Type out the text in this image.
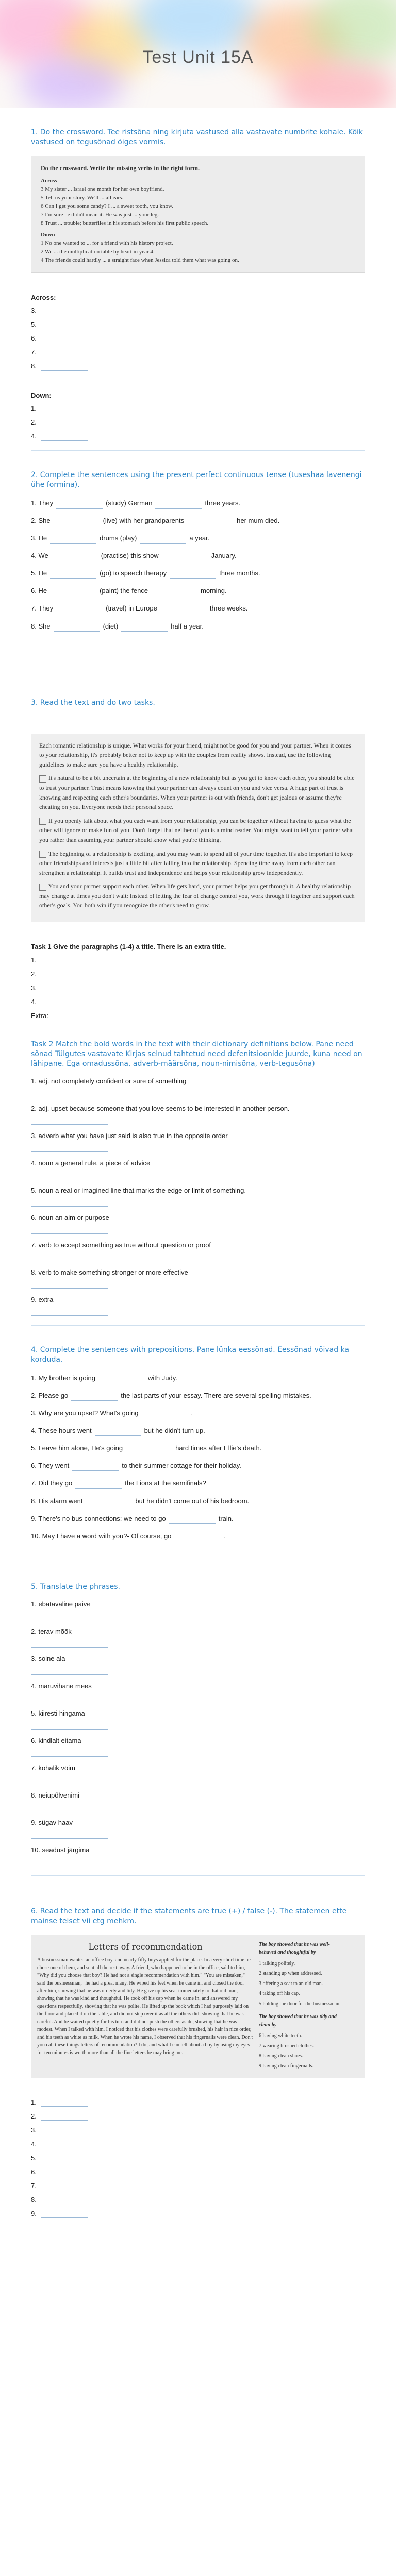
Test Unit 15A
1. Do the crossword. Tee ristsõna ning kirjuta vastused alla vastavate numbrite kohale. Kõik vastused on tegusõnad õiges vormis.
Do the crossword. Write the missing verbs in the right form.
Across
3 My sister ... Israel one month for her own boyfriend.
5 Tell us your story. We'll ... all ears.
6 Can I get you some candy? I ... a sweet tooth, you know.
7 I'm sure he didn't mean it. He was just ... your leg.
8 Trust ... trouble; butterflies in his stomach before his first public speech.
Down
1 No one wanted to ... for a friend with his history project.
2 We ... the multiplication table by heart in year 4.
4 The friends could hardly ... a straight face when Jessica told them what was going on.
Across:
3.
5.
6.
7.
8.
Down:
1.
2.
4.
2. Complete the sentences using the present perfect continuous tense (tuseshaa lavenengi ühe formina).
1. They	(study) German	three years.
2. She	(live) with her grandparents	her mum died.
3. He	drums (play)	a year.
4. We	(practise) this show	January.
5. He	(go) to speech therapy	three months.
6. He	(paint) the fence	morning.
7. They	(travel) in Europe	three weeks.
8. She	(diet)	half a year.
3. Read the text and do two tasks.

Each romantic relationship is unique. What works for your friend, might not be good for you and your partner. When it comes to your relationship, it's probably better not to keep up with the couples from reality shows. Instead, use the following guidelines to make sure you have a healthy relationship.

It's natural to be a bit uncertain at the beginning of a new relationship but as you get to know each other, you should be able to trust your partner. Trust means knowing that your partner can always count on you and vice versa. A huge part of trust is knowing and respecting each other's boundaries. When your partner is out with friends, don't get jealous or assume they're cheating on you. Everyone needs their personal space.

If you openly talk about what you each want from your relationship, you can be together without having to guess what the other will ignore or make fun of you. Don't forget that neither of you is a mind reader. You might want to tell your partner what you rather than assuming your partner should know what you're thinking.

The beginning of a relationship is exciting, and you may want to spend all of your time together. It's also important to keep other friendships and interests just a little bit after falling into the relationship. Spending time away from each other can strengthen a relationship. It builds trust and independence and helps your relationship grow independently.

You and your partner support each other. When life gets hard, your partner helps you get through it. A healthy relationship may change at times you don't wait: Instead of letting the fear of change control you, work through it together and support each other's goals. You both win if you recognize the other's need to grow.

Task 1 Give the paragraphs (1-4) a title. There is an extra title.
1.
2.
3.
4.
Extra:
Task 2 Match the bold words in the text with their dictionary definitions below. Pane need sõnad Tülgutes vastavate Kirjas selnud tahtetud need defenitsioonide juurde, kuna need on lähipane. Ega omadussõna, adverb-määrsõna, noun-nimisõna, verb-tegusõna)
1. adj. not completely confident or sure of something
2. adj. upset because someone that you love seems to be interested in another person.
3. adverb what you have just said is also true in the opposite order
4. noun a general rule, a piece of advice
5. noun a real or imagined line that marks the edge or limit of something.
6. noun an aim or purpose
7. verb to accept something as true without question or proof
8. verb to make something stronger or more effective
9. extra
4. Complete the sentences with prepositions. Pane lünka eessõnad. Eessõnad võivad ka korduda.
1. My brother is going	with Judy.
2. Please go	the last parts of your essay. There are several spelling mistakes.
3. Why are you upset? What's going	.
4. These hours went	but he didn't turn up.
5. Leave him alone, He's going	hard times after Ellie's death.
6. They went	to their summer cottage for their holiday.
7. Did they go	the Lions at the semifinals?
8. His alarm went	but he didn't come out of his bedroom.
9. There's no bus connections; we need to go	train.
10. May I have a word with you?- Of course, go	.
5. Translate the phrases.
1. ebatavaline paive
2. terav mõõk
3. soine ala
4. maruvihane mees
5. kiiresti hingama
6. kindlalt eitama
7. kohalik vöim
8. neiupõlvenimi
9. sügav haav
10. seadust järgima
6. Read the text and decide if the statements are true (+) / false (-). The statemen ette mainse teiset vii etg mehkm.
Letters of recommendation
A businessman wanted an office boy, and nearly fifty boys applied for the place. In a very short time he chose one of them, and sent all the rest away. A friend, who happened to be in the office, said to him, "Why did you choose that boy? He had not a single recommendation with him." "You are mistaken," said the businessman, "he had a great many. He wiped his feet when he came in, and closed the door after him, showing that he was orderly and tidy. He gave up his seat immediately to that old man, showing that he was kind and thoughtful. He took off his cap when he came in, and answered my questions respectfully, showing that he was polite. He lifted up the book which I had purposely laid on the floor and placed it on the table, and did not step over it as all the others did, showing that he was careful. And he waited quietly for his turn and did not push the others aside, showing that he was modest. When I talked with him, I noticed that his clothes were carefully brushed, his hair in nice order, and his teeth as white as milk. When he wrote his name, I observed that his fingernails were clean. Don't you call these things letters of recommendation? I do; and what I can tell about a boy by using my eyes for ten minutes is worth more than all the fine letters he may bring me.
The boy showed that he was well-behaved and thoughtful by
1 talking politely.
2 standing up when addressed.
3 offering a seat to an old man.
4 taking off his cap.
5 holding the door for the businessman.
The boy showed that he was tidy and clean by
6 having white teeth.
7 wearing brushed clothes.
8 having clean shoes.
9 having clean fingernails.
1.
2.
3.
4.
5.
6.
7.
8.
9.
